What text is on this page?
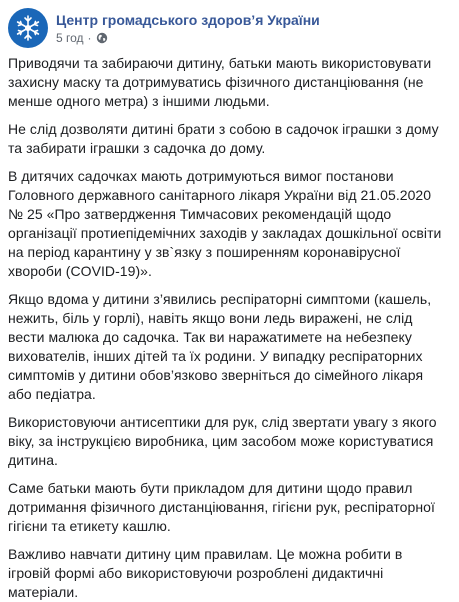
Центр громадського здоров’я України
5 год ·

Приводячи та забираючи дитину, батьки мають використовувати захисну маску та дотримуватись фізичного дистанціювання (не менше одного метра) з іншими людьми.

Не слід дозволяти дитині брати з собою в садочок іграшки з дому та забирати іграшки з садочка до дому.

В дитячих садочках мають дотримуються вимог постанови Головного державного санітарного лікаря України від 21.05.2020 № 25 «Про затвердження Тимчасових рекомендацій щодо організації протиепідемічних заходів у закладах дошкільної освіти на період карантину у зв`язку з поширенням коронавірусної хвороби (COVID-19)».

Якщо вдома у дитини з’явились респіраторні симптоми (кашель, нежить, біль у горлі), навіть якщо вони ледь виражені, не слід вести малюка до садочка. Так ви наражатимете на небезпеку вихователів, інших дітей та їх родини. У випадку респіраторних симптомів у дитини обов’язково зверніться до сімейного лікаря або педіатра.

Використовуючи антисептики для рук, слід звертати увагу з якого віку, за інструкцією виробника, цим засобом може користуватися дитина.

Саме батьки мають бути прикладом для дитини щодо правил дотримання фізичного дистанціювання, гігієни рук, респіраторної гігієни та етикету кашлю.

Важливо навчати дитину цим правилам. Це можна робити в ігровій формі або використовуючи розроблені дидактичні матеріали.
